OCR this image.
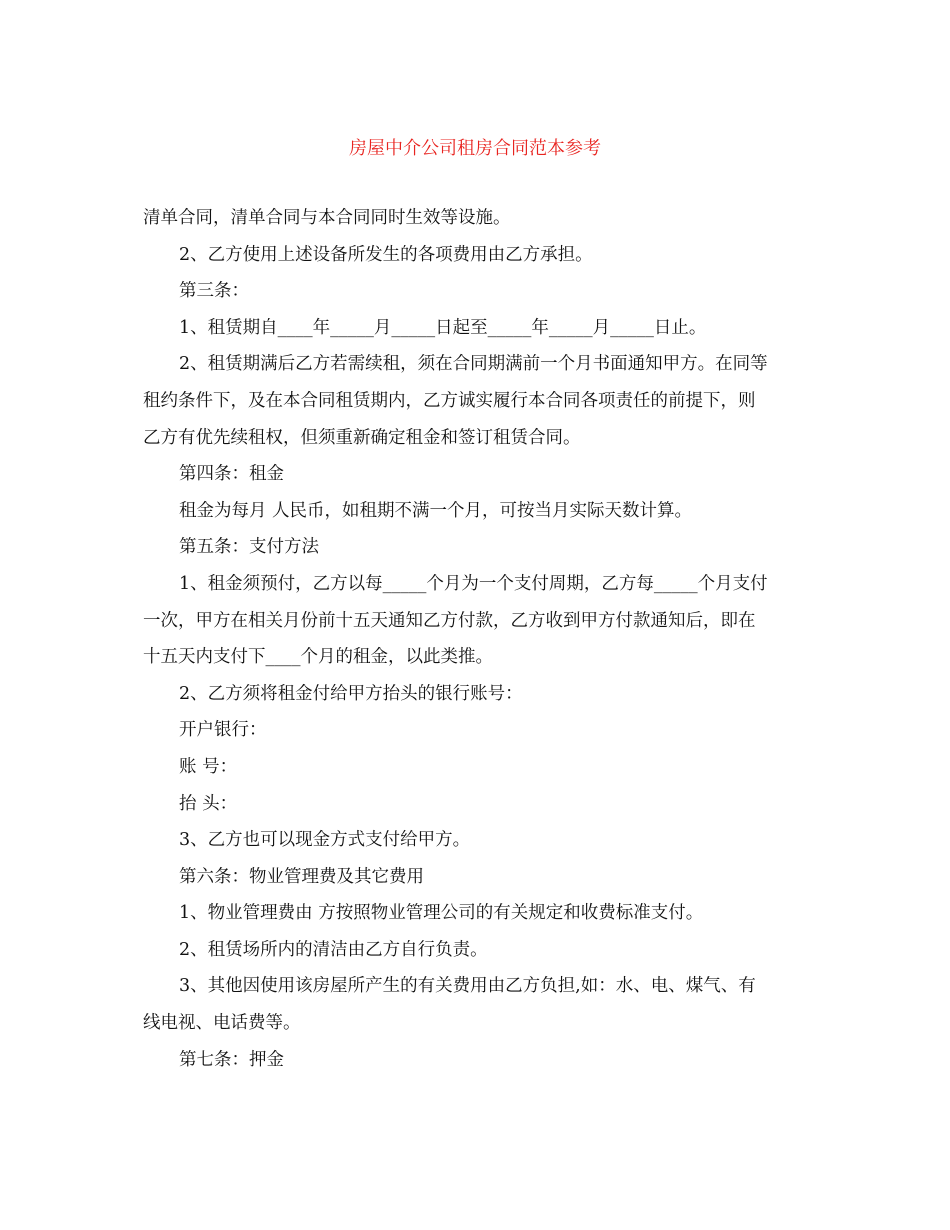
房屋中介公司租房合同范本参考
清单合同，清单合同与本合同同时生效等设施。
2、乙方使用上述设备所发生的各项费用由乙方承担。
第三条：
1、租赁期自____年_____月_____日起至_____年_____月_____日止。
2、租赁期满后乙方若需续租，须在合同期满前一个月书面通知甲方。在同等
租约条件下，及在本合同租赁期内，乙方诚实履行本合同各项责任的前提下，则
乙方有优先续租权，但须重新确定租金和签订租赁合同。
第四条：租金
租金为每月 人民币，如租期不满一个月，可按当月实际天数计算。
第五条：支付方法
1、租金须预付，乙方以每_____个月为一个支付周期，乙方每_____个月支付
一次，甲方在相关月份前十五天通知乙方付款，乙方收到甲方付款通知后，即在
十五天内支付下____个月的租金，以此类推。
2、乙方须将租金付给甲方抬头的银行账号：
开户银行：
账 号：
抬 头：
3、乙方也可以现金方式支付给甲方。
第六条：物业管理费及其它费用
1、物业管理费由 方按照物业管理公司的有关规定和收费标准支付。
2、租赁场所内的清洁由乙方自行负责。
3、其他因使用该房屋所产生的有关费用由乙方负担,如：水、电、煤气、有
线电视、电话费等。
第七条：押金
